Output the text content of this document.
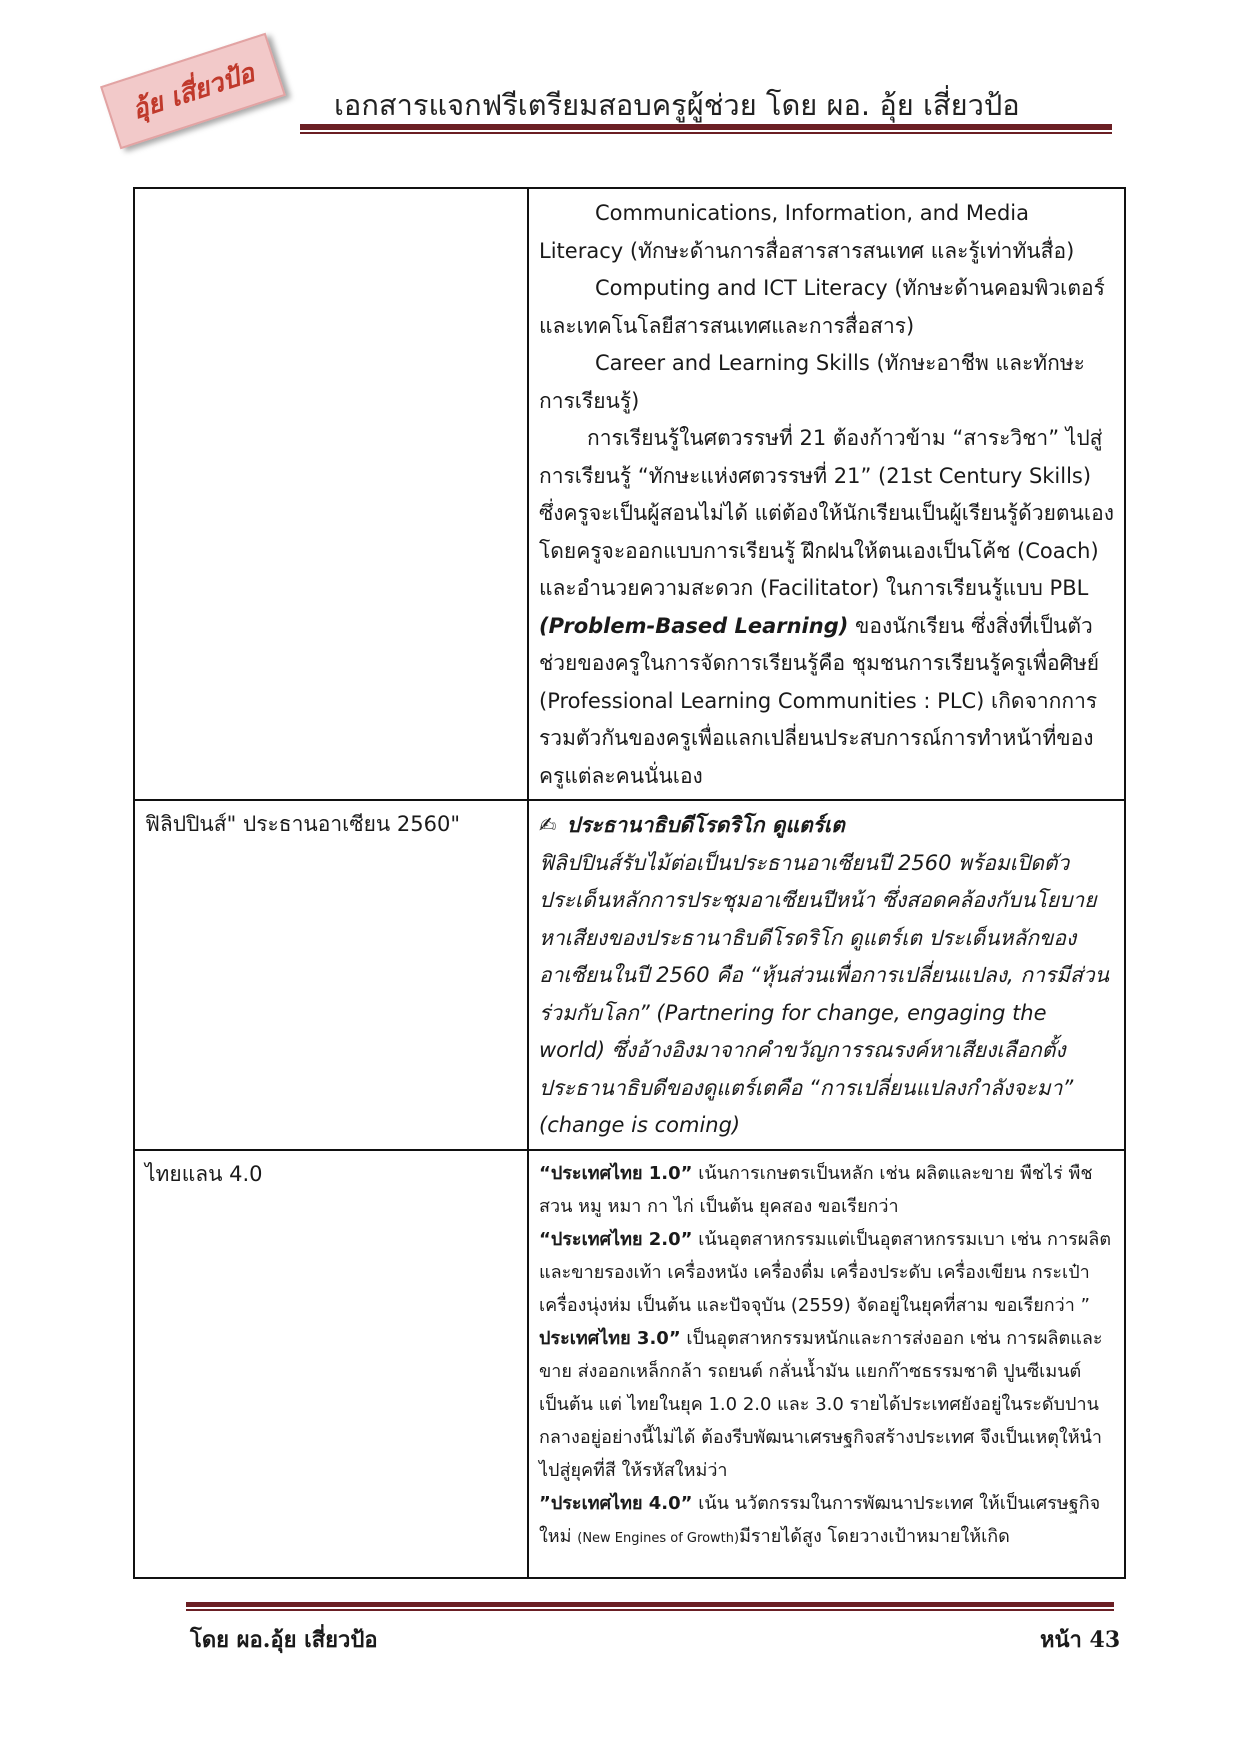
อุ้ย เสี่ยวป้อ	เอกสารแจกฟรีเตรียมสอบครูผู้ช่วย โดย ผอ. อุ้ย เสี่ยวป้อ

	Communications, Information, and Media Literacy (ทักษะด้านการสื่อสารสารสนเทศ และรู้เท่าทันสื่อ)
Computing and ICT Literacy (ทักษะด้านคอมพิวเตอร์ และเทคโนโลยีสารสนเทศและการสื่อสาร)
Career and Learning Skills (ทักษะอาชีพ และทักษะการเรียนรู้)
การเรียนรู้ในศตวรรษที่ 21 ต้องก้าวข้าม “สาระวิชา” ไปสู่การเรียนรู้ “ทักษะแห่งศตวรรษที่ 21” (21st Century Skills) ซึ่งครูจะเป็นผู้สอนไม่ได้ แต่ต้องให้นักเรียนเป็นผู้เรียนรู้ด้วยตนเอง โดยครูจะออกแบบการเรียนรู้ ฝึกฝนให้ตนเองเป็นโค้ช (Coach) และอำนวยความสะดวก (Facilitator) ในการเรียนรู้แบบ PBL (Problem-Based Learning) ของนักเรียน ซึ่งสิ่งที่เป็นตัวช่วยของครูในการจัดการเรียนรู้คือ ชุมชนการเรียนรู้ครูเพื่อศิษย์ (Professional Learning Communities : PLC) เกิดจากการรวมตัวกันของครูเพื่อแลกเปลี่ยนประสบการณ์การทำหน้าที่ของครูแต่ละคนนั่นเอง

ฟิลิปปินส์" ประธานอาเซียน 2560"	✍ ประธานาธิบดีโรดริโก ดูแตร์เต
ฟิลิปปินส์รับไม้ต่อเป็นประธานอาเซียนปี 2560 พร้อมเปิดตัวประเด็นหลักการประชุมอาเซียนปีหน้า ซึ่งสอดคล้องกับนโยบายหาเสียงของประธานาธิบดีโรดริโก ดูแตร์เต ประเด็นหลักของอาเซียนในปี 2560 คือ “หุ้นส่วนเพื่อการเปลี่ยนแปลง, การมีส่วนร่วมกับโลก” (Partnering for change, engaging the world) ซึ่งอ้างอิงมาจากคำขวัญการรณรงค์หาเสียงเลือกตั้งประธานาธิบดีของดูแตร์เตคือ “การเปลี่ยนแปลงกำลังจะมา” (change is coming)

ไทยแลน 4.0	“ประเทศไทย 1.0” เน้นการเกษตรเป็นหลัก เช่น ผลิตและขาย พืชไร่ พืชสวน หมู หมา กา ไก่ เป็นต้น ยุคสอง ขอเรียกว่า
“ประเทศไทย 2.0” เน้นอุตสาหกรรมแต่เป็นอุตสาหกรรมเบา เช่น การผลิตและขายรองเท้า เครื่องหนัง เครื่องดื่ม เครื่องประดับ เครื่องเขียน กระเป๋า เครื่องนุ่งห่ม เป็นต้น และปัจจุบัน (2559) จัดอยู่ในยุคที่สาม ขอเรียกว่า ”
ประเทศไทย 3.0” เป็นอุตสาหกรรมหนักและการส่งออก เช่น การผลิตและขาย ส่งออกเหล็กกล้า รถยนต์ กลั่นน้ำมัน แยกก๊าซธรรมชาติ ปูนซีเมนต์ เป็นต้น แต่ ไทยในยุค 1.0 2.0 และ 3.0 รายได้ประเทศยังอยู่ในระดับปานกลางอยู่อย่างนี้ไม่ได้ ต้องรีบพัฒนาเศรษฐกิจสร้างประเทศ จึงเป็นเหตุให้นำไปสู่ยุคที่สี ให้รหัสใหม่ว่า
”ประเทศไทย 4.0” เน้น นวัตกรรมในการพัฒนาประเทศ ให้เป็นเศรษฐกิจใหม่ (New Engines of Growth)มีรายได้สูง โดยวางเป้าหมายให้เกิด
โดย ผอ.อุ้ย เสี่ยวป้อ	หน้า 43
